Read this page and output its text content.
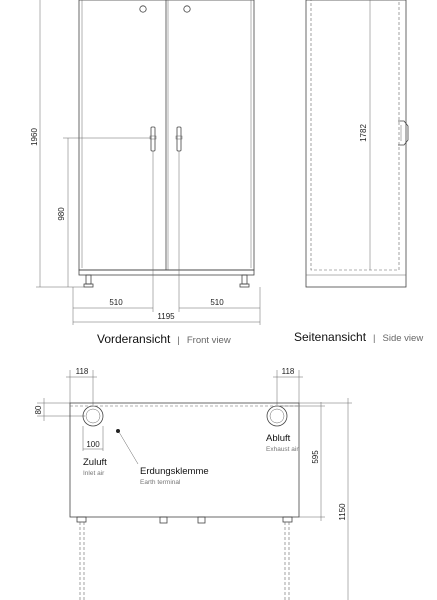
1960
980
510	510
1195
Vorderansicht | Front view
1782
Seitenansicht | Side view
118	118
80
100
Zuluft
Inlet air	Erdungsklemme
Earth terminal
Abluft
Exhaust air
595
1150
